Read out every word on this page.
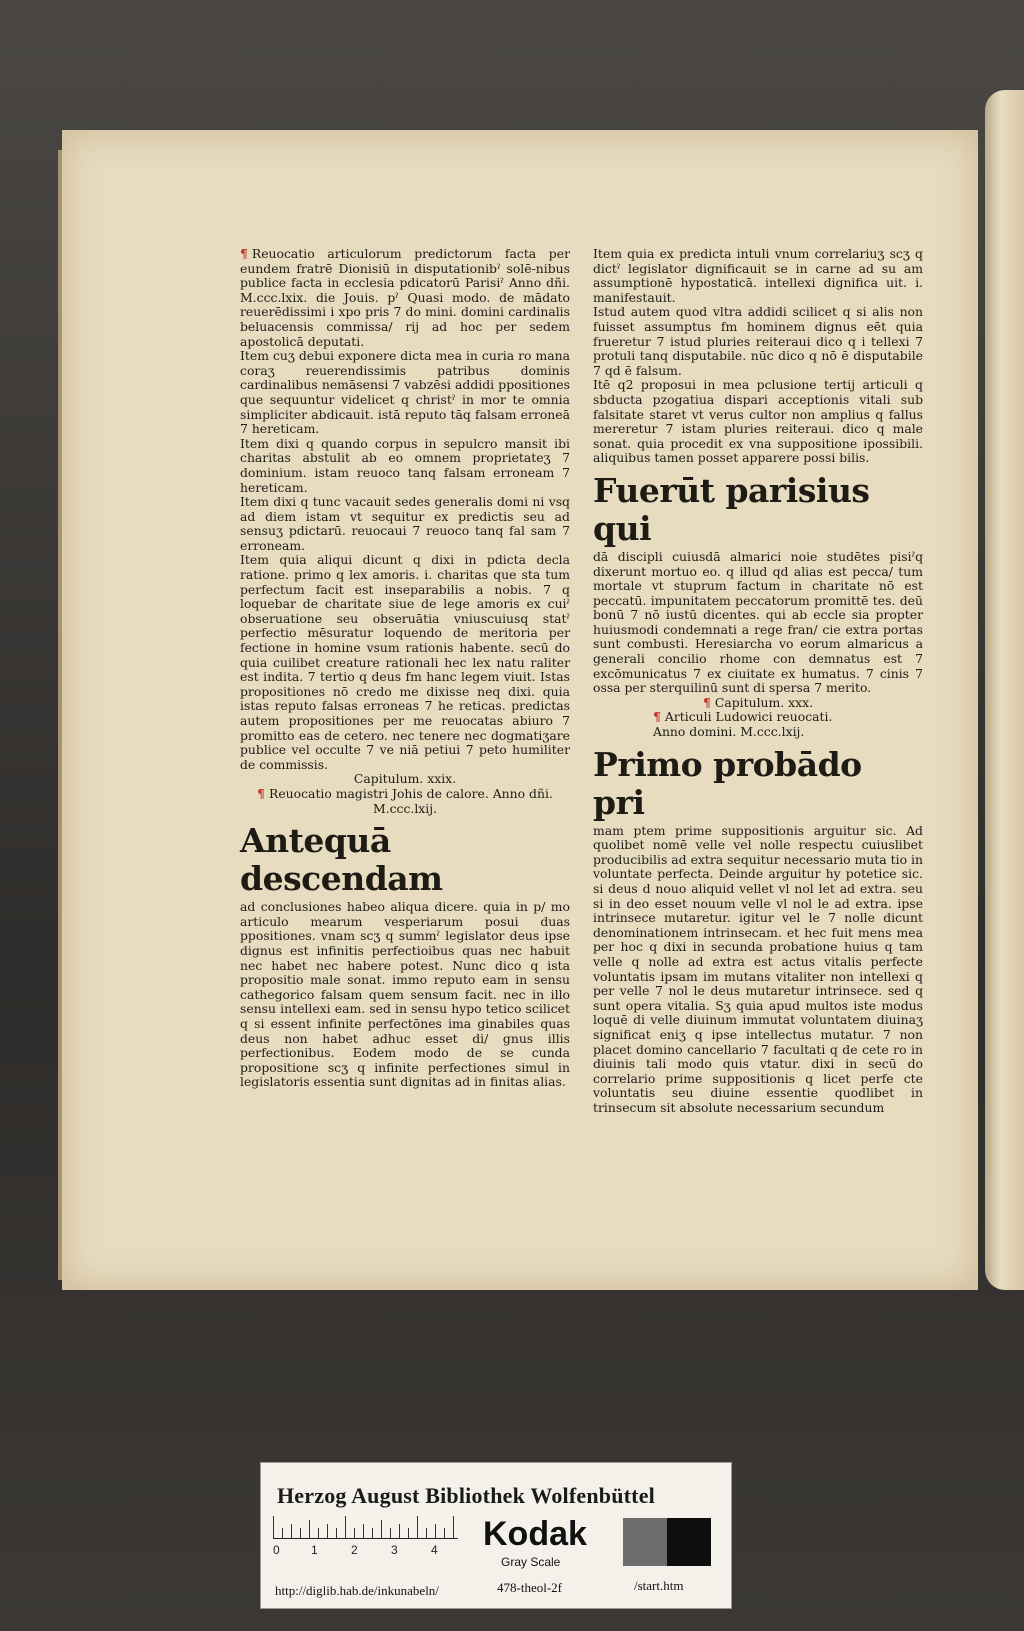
¶ Reuocatio articulorum predictorum facta per eundem fratrē Dionisiū in disputationibˀ solē-nibus publice facta in ecclesia pdicatorū Parisiˀ Anno dñi. M.ccc.lxix. die Jouis. pˀ Quasi modo. de mādato reuerēdissimi i xpo pris 7 do mini. domini cardinalis beluacensis commissa/ rij ad hoc per sedem apostolicā deputati.

Item cuʒ debui exponere dicta mea in curia ro mana coraʒ reuerendissimis patribus dominis cardinalibus nemāsensi 7 vabzēsi addidi ppositiones que sequuntur videlicet q christˀ in mor te omnia simpliciter abdicauit. istā reputo tāq falsam erroneā 7 hereticam.

Item dixi q quando corpus in sepulcro mansit ibi charitas abstulit ab eo omnem proprietateʒ 7 dominium. istam reuoco tanq falsam erroneam 7 hereticam.

Item dixi q tunc vacauit sedes generalis domi ni vsq ad diem istam vt sequitur ex predictis seu ad sensuʒ pdictarū. reuocaui 7 reuoco tanq fal sam 7 erroneam.

Item quia aliqui dicunt q dixi in pdicta decla ratione. primo q lex amoris. i. charitas que sta tum perfectum facit est inseparabilis a nobis. 7 q loquebar de charitate siue de lege amoris ex cuiˀ obseruatione seu obseruātia vniuscuiusq statˀ perfectio mēsuratur loquendo de meritoria per fectione in homine vsum rationis habente. secū do quia cuilibet creature rationali hec lex natu raliter est indita. 7 tertio q deus fm hanc legem viuit. Istas propositiones nō credo me dixisse neq dixi. quia istas reputo falsas erroneas 7 he reticas. predictas autem propositiones per me reuocatas abiuro 7 promitto eas de cetero. nec tenere nec dogmatiʒare publice vel occulte 7 ve niā petiui 7 peto humiliter de commissis.

Capitulum. xxix.

¶ Reuocatio magistri Johis de calore. Anno dñi. M.ccc.lxij.

Antequā descendam

ad conclusiones habeo aliqua dicere. quia in p/ mo articulo mearum vesperiarum posui duas ppositiones. vnam scʒ q summˀ legislator deus ipse dignus est infinitis perfectioibus quas nec habuit nec habet nec habere potest. Nunc dico q ista propositio male sonat. immo reputo eam in sensu cathegorico falsam quem sensum facit. nec in illo sensu intellexi eam. sed in sensu hypo tetico scilicet q si essent infinite perfectōnes ima ginabiles quas deus non habet adhuc esset di/ gnus illis perfectionibus. Eodem modo de se cunda propositione scʒ q infinite perfectiones simul in legislatoris essentia sunt dignitas ad in finitas alias.

Item quia ex predicta intuli vnum correlariuʒ scʒ q dictˀ legislator dignificauit se in carne ad su am assumptionē hypostaticā. intellexi dignifica uit. i. manifestauit.

Istud autem quod vltra addidi scilicet q si alis non fuisset assumptus fm hominem dignus eēt quia frueretur 7 istud pluries reiteraui dico q i tellexi 7 protuli tanq disputabile. nūc dico q nō ē disputabile 7 qd ē falsum.

Itē q2 proposui in mea pclusione tertij articuli q sbducta pzogatiua dispari acceptionis vitali sub falsitate staret vt verus cultor non amplius q fallus mereretur 7 istam pluries reiteraui. dico q male sonat. quia procedit ex vna suppositione ipossibili. aliquibus tamen posset apparere possi bilis.

Fuerūt parisius qui

dā discipli cuiusdā almarici noie studētes pisiˀq dixerunt mortuo eo. q illud qd alias est pecca/ tum mortale vt stuprum factum in charitate nō est peccatū. impunitatem peccatorum promittē tes. deū bonū 7 nō iustū dicentes. qui ab eccle sia propter huiusmodi condemnati a rege fran/ cie extra portas sunt combusti. Heresiarcha vo eorum almaricus a generali concilio rhome con demnatus est 7 excōmunicatus 7 ex ciuitate ex humatus. 7 cinis 7 ossa per sterquilinū sunt di spersa 7 merito.

¶ Capitulum. xxx.

¶ Articuli Ludowici reuocati.

Anno domini. M.ccc.lxij.

Primo probādo pri

mam ptem prime suppositionis arguitur sic. Ad quolibet nomē velle vel nolle respectu cuiuslibet producibilis ad extra sequitur necessario muta tio in voluntate perfecta. Deinde arguitur hy potetice sic. si deus d nouo aliquid vellet vl nol let ad extra. seu si in deo esset nouum velle vl nol le ad extra. ipse intrinsece mutaretur. igitur vel le 7 nolle dicunt denominationem intrinsecam. et hec fuit mens mea per hoc q dixi in secunda probatione huius q tam velle q nolle ad extra est actus vitalis perfecte voluntatis ipsam im mutans vitaliter non intellexi q per velle 7 nol le deus mutaretur intrinsece. sed q sunt opera vitalia. Sʒ quia apud multos iste modus loquē di velle diuinum immutat voluntatem diuinaʒ significat eniʒ q ipse intellectus mutatur. 7 non placet domino cancellario 7 facultati q de cete ro in diuinis tali modo quis vtatur. dixi in secū do correlario prime suppositionis q licet perfe cte voluntatis seu diuine essentie quodlibet in trinsecum sit absolute necessarium secundum

Herzog August Bibliothek Wolfenbüttel
0	1	2	3	4 Kodak
Gray Scale
http://diglib.hab.de/inkunabeln/	478-theol-2f	/start.htm
